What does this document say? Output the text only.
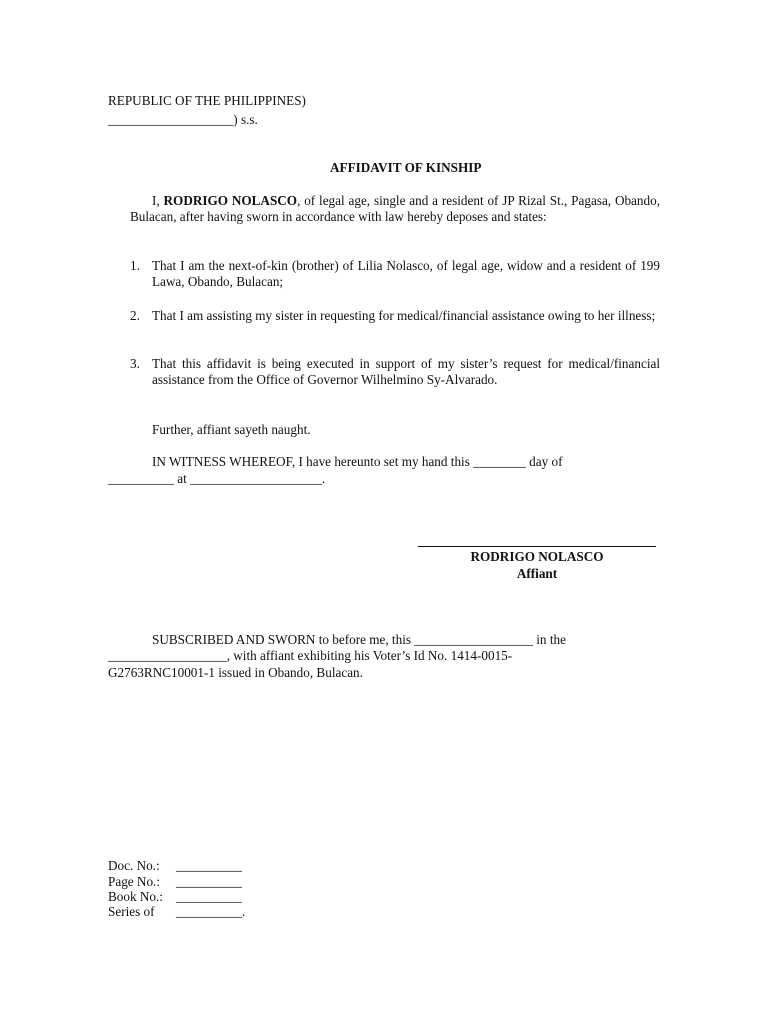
REPUBLIC OF THE PHILIPPINES)
___________________) s.s.
AFFIDAVIT OF KINSHIP
I, RODRIGO NOLASCO, of legal age, single and a resident of JP Rizal St., Pagasa, Obando, Bulacan, after having sworn in accordance with law hereby deposes and states:
1. That I am the next-of-kin (brother) of Lilia Nolasco, of legal age, widow and a resident of 199 Lawa, Obando, Bulacan;
2. That I am assisting my sister in requesting for medical/financial assistance owing to her illness;
3. That this affidavit is being executed in support of my sister’s request for medical/financial assistance from the Office of Governor Wilhelmino Sy-Alvarado.
Further, affiant sayeth naught.
IN WITNESS WHEREOF, I have hereunto set my hand this ________ day of
__________ at ____________________.
RODRIGO NOLASCO
Affiant
SUBSCRIBED AND SWORN to before me, this __________________ in the
__________________, with affiant exhibiting his Voter’s Id No. 1414-0015-
G2763RNC10001-1 issued in Obando, Bulacan.
Doc. No.: __________
Page No.: __________
Book No.: __________
Series of __________.
